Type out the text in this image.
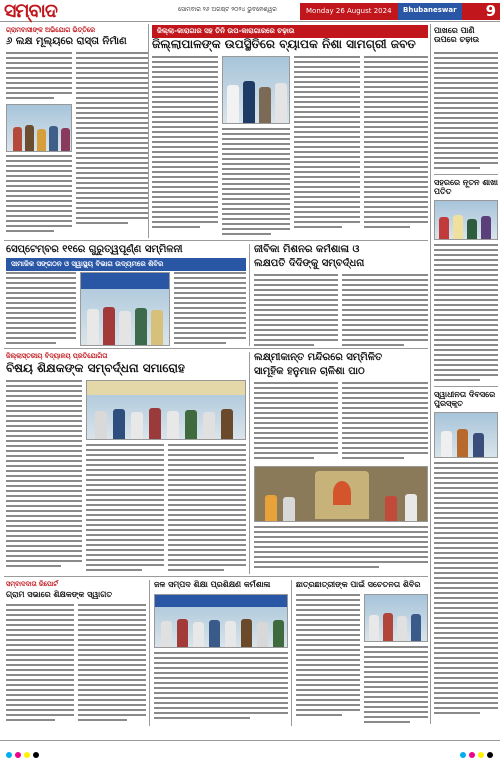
ସମ୍ବାଦ	ସୋମବାର ୨୬ ଅଗଷ୍ଟ ୨୦୨୪ ଭୁବନେଶ୍ୱର	Monday 26 August 2024	Bhubaneswar	9
ଗ୍ରାମବାସୀଙ୍କ ଅଭିଯୋଗ ଭିତ୍ତିରେ
୬ ଲକ୍ଷ ମୂଲ୍ୟରେ ରାସ୍ତା ନିର୍ମାଣ
ଜିଲ୍ଲା-କାରାଗାର ସହ ତିନି ଉପ-କାରାଗାରରେ ଚଢ଼ାଉ
ଜିଲ୍ଲାପାଳଙ୍କ ଉପସ୍ଥିତିରେ ବ୍ୟାପକ ନିଶା ସାମଗ୍ରୀ ଜବତ
ପାଖରେ ପାଣି ଉପରେ ଚଢ଼ାଉ
ସହରରେ ନୂତନ ଶାଖା ପତିତ
ସ୍ୱାଧୀନତା ଦିବସରେ ପୁରସ୍କୃତ
ସେପ୍ଟେମ୍ବର ୧୧ରେ ଗୁରୁତ୍ୱପୂର୍ଣ୍ଣ ସମ୍ମିଳନୀ
ସାମାଜିକ ସଙ୍ଗଠନ ଓ ସ୍ୱାସ୍ଥ୍ୟ ବିଭାଗ ଉଦ୍ୟମରେ ଶିବିର
ଜୀବିକା ମିଶନର କର୍ମଶାଳା ଓ
ଲକ୍ଷପତି ଦିଦିଙ୍କୁ ସମ୍ବର୍ଦ୍ଧନା
ଜିଲ୍ଲାସ୍ତରୀୟ ବିଦ୍ୟାଳୟ ପ୍ରତିଯୋଗିତା
ବିଷୟ ଶିକ୍ଷକଙ୍କ ସମ୍ବର୍ଦ୍ଧନା ସମାରୋହ
ଲକ୍ଷ୍ମୀକାନ୍ତ ମନ୍ଦିରରେ ସମ୍ମିଳିତ
ସାମୂହିକ ହନୁମାନ ଚାଳିଶା ପାଠ
ସମ୍ବାଦଦାତା ରିପୋର୍ଟ
ଗ୍ରାମ ସଭାରେ ଶିକ୍ଷକଙ୍କ ସ୍ୱାଗତ
ଜଳ ସମ୍ପଦ ଶିକ୍ଷା ପ୍ରଶିକ୍ଷଣ କର୍ମଶାଳା	ଛାତ୍ରଛାତ୍ରୀଙ୍କ ପାଇଁ ସଚେତନତା ଶିବିର
